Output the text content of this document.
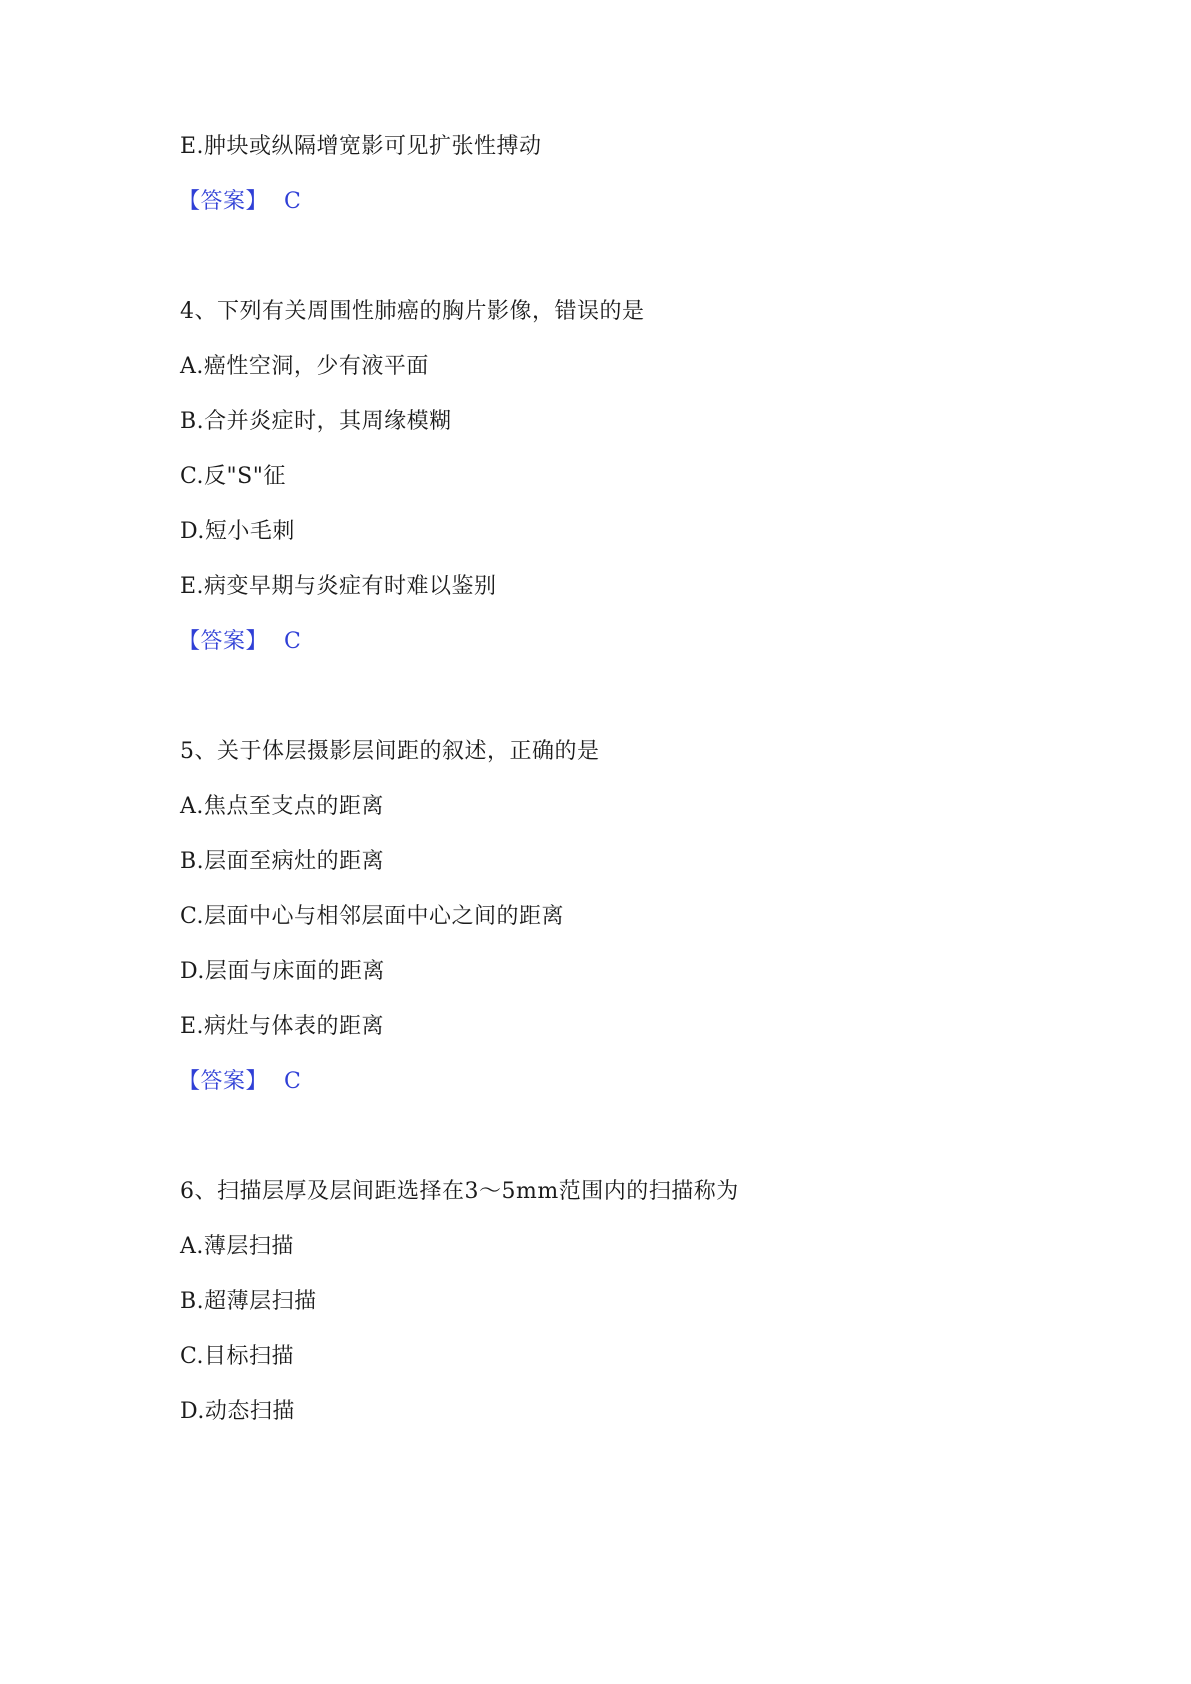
E.肿块或纵隔增宽影可见扩张性搏动
【答案】 C
4、下列有关周围性肺癌的胸片影像，错误的是
A.癌性空洞，少有液平面
B.合并炎症时，其周缘模糊
C.反"S"征
D.短小毛刺
E.病变早期与炎症有时难以鉴别
【答案】 C
5、关于体层摄影层间距的叙述，正确的是
A.焦点至支点的距离
B.层面至病灶的距离
C.层面中心与相邻层面中心之间的距离
D.层面与床面的距离
E.病灶与体表的距离
【答案】 C
6、扫描层厚及层间距选择在3～5mm范围内的扫描称为
A.薄层扫描
B.超薄层扫描
C.目标扫描
D.动态扫描
